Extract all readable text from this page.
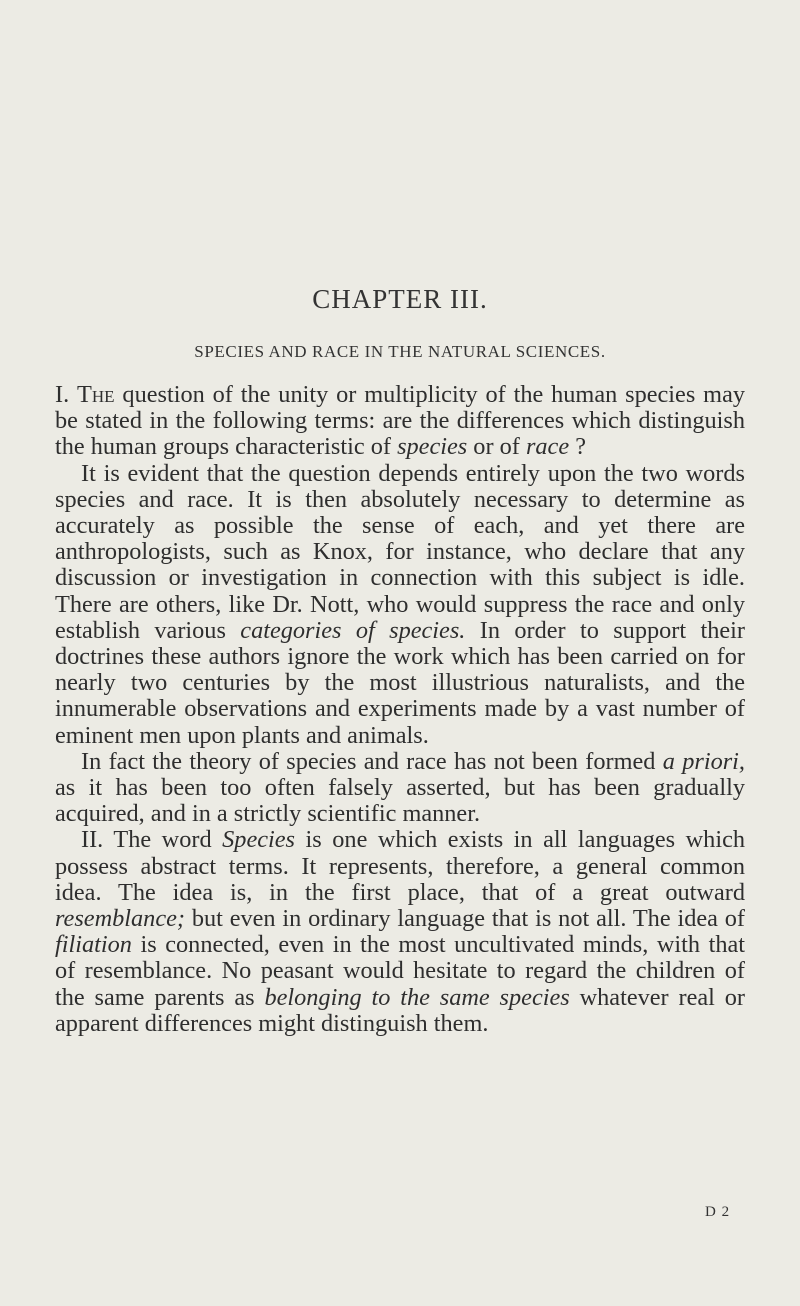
CHAPTER III.
SPECIES AND RACE IN THE NATURAL SCIENCES.

I. The question of the unity or multiplicity of the human species may be stated in the following terms: are the differences which distinguish the human groups characteristic of species or of race ?

It is evident that the question depends entirely upon the two words species and race. It is then absolutely necessary to determine as accurately as possible the sense of each, and yet there are anthropologists, such as Knox, for instance, who declare that any discussion or investigation in connection with this subject is idle. There are others, like Dr. Nott, who would suppress the race and only establish various categories of species. In order to support their doctrines these authors ignore the work which has been carried on for nearly two centuries by the most illustrious naturalists, and the innumerable observations and experiments made by a vast number of eminent men upon plants and animals.

In fact the theory of species and race has not been formed a priori, as it has been too often falsely asserted, but has been gradually acquired, and in a strictly scientific manner.

II. The word Species is one which exists in all languages which possess abstract terms. It represents, therefore, a general common idea. The idea is, in the first place, that of a great outward resemblance; but even in ordinary language that is not all. The idea of filiation is connected, even in the most uncultivated minds, with that of resemblance. No peasant would hesitate to regard the children of the same parents as belonging to the same species whatever real or apparent differences might distinguish them.

D 2
